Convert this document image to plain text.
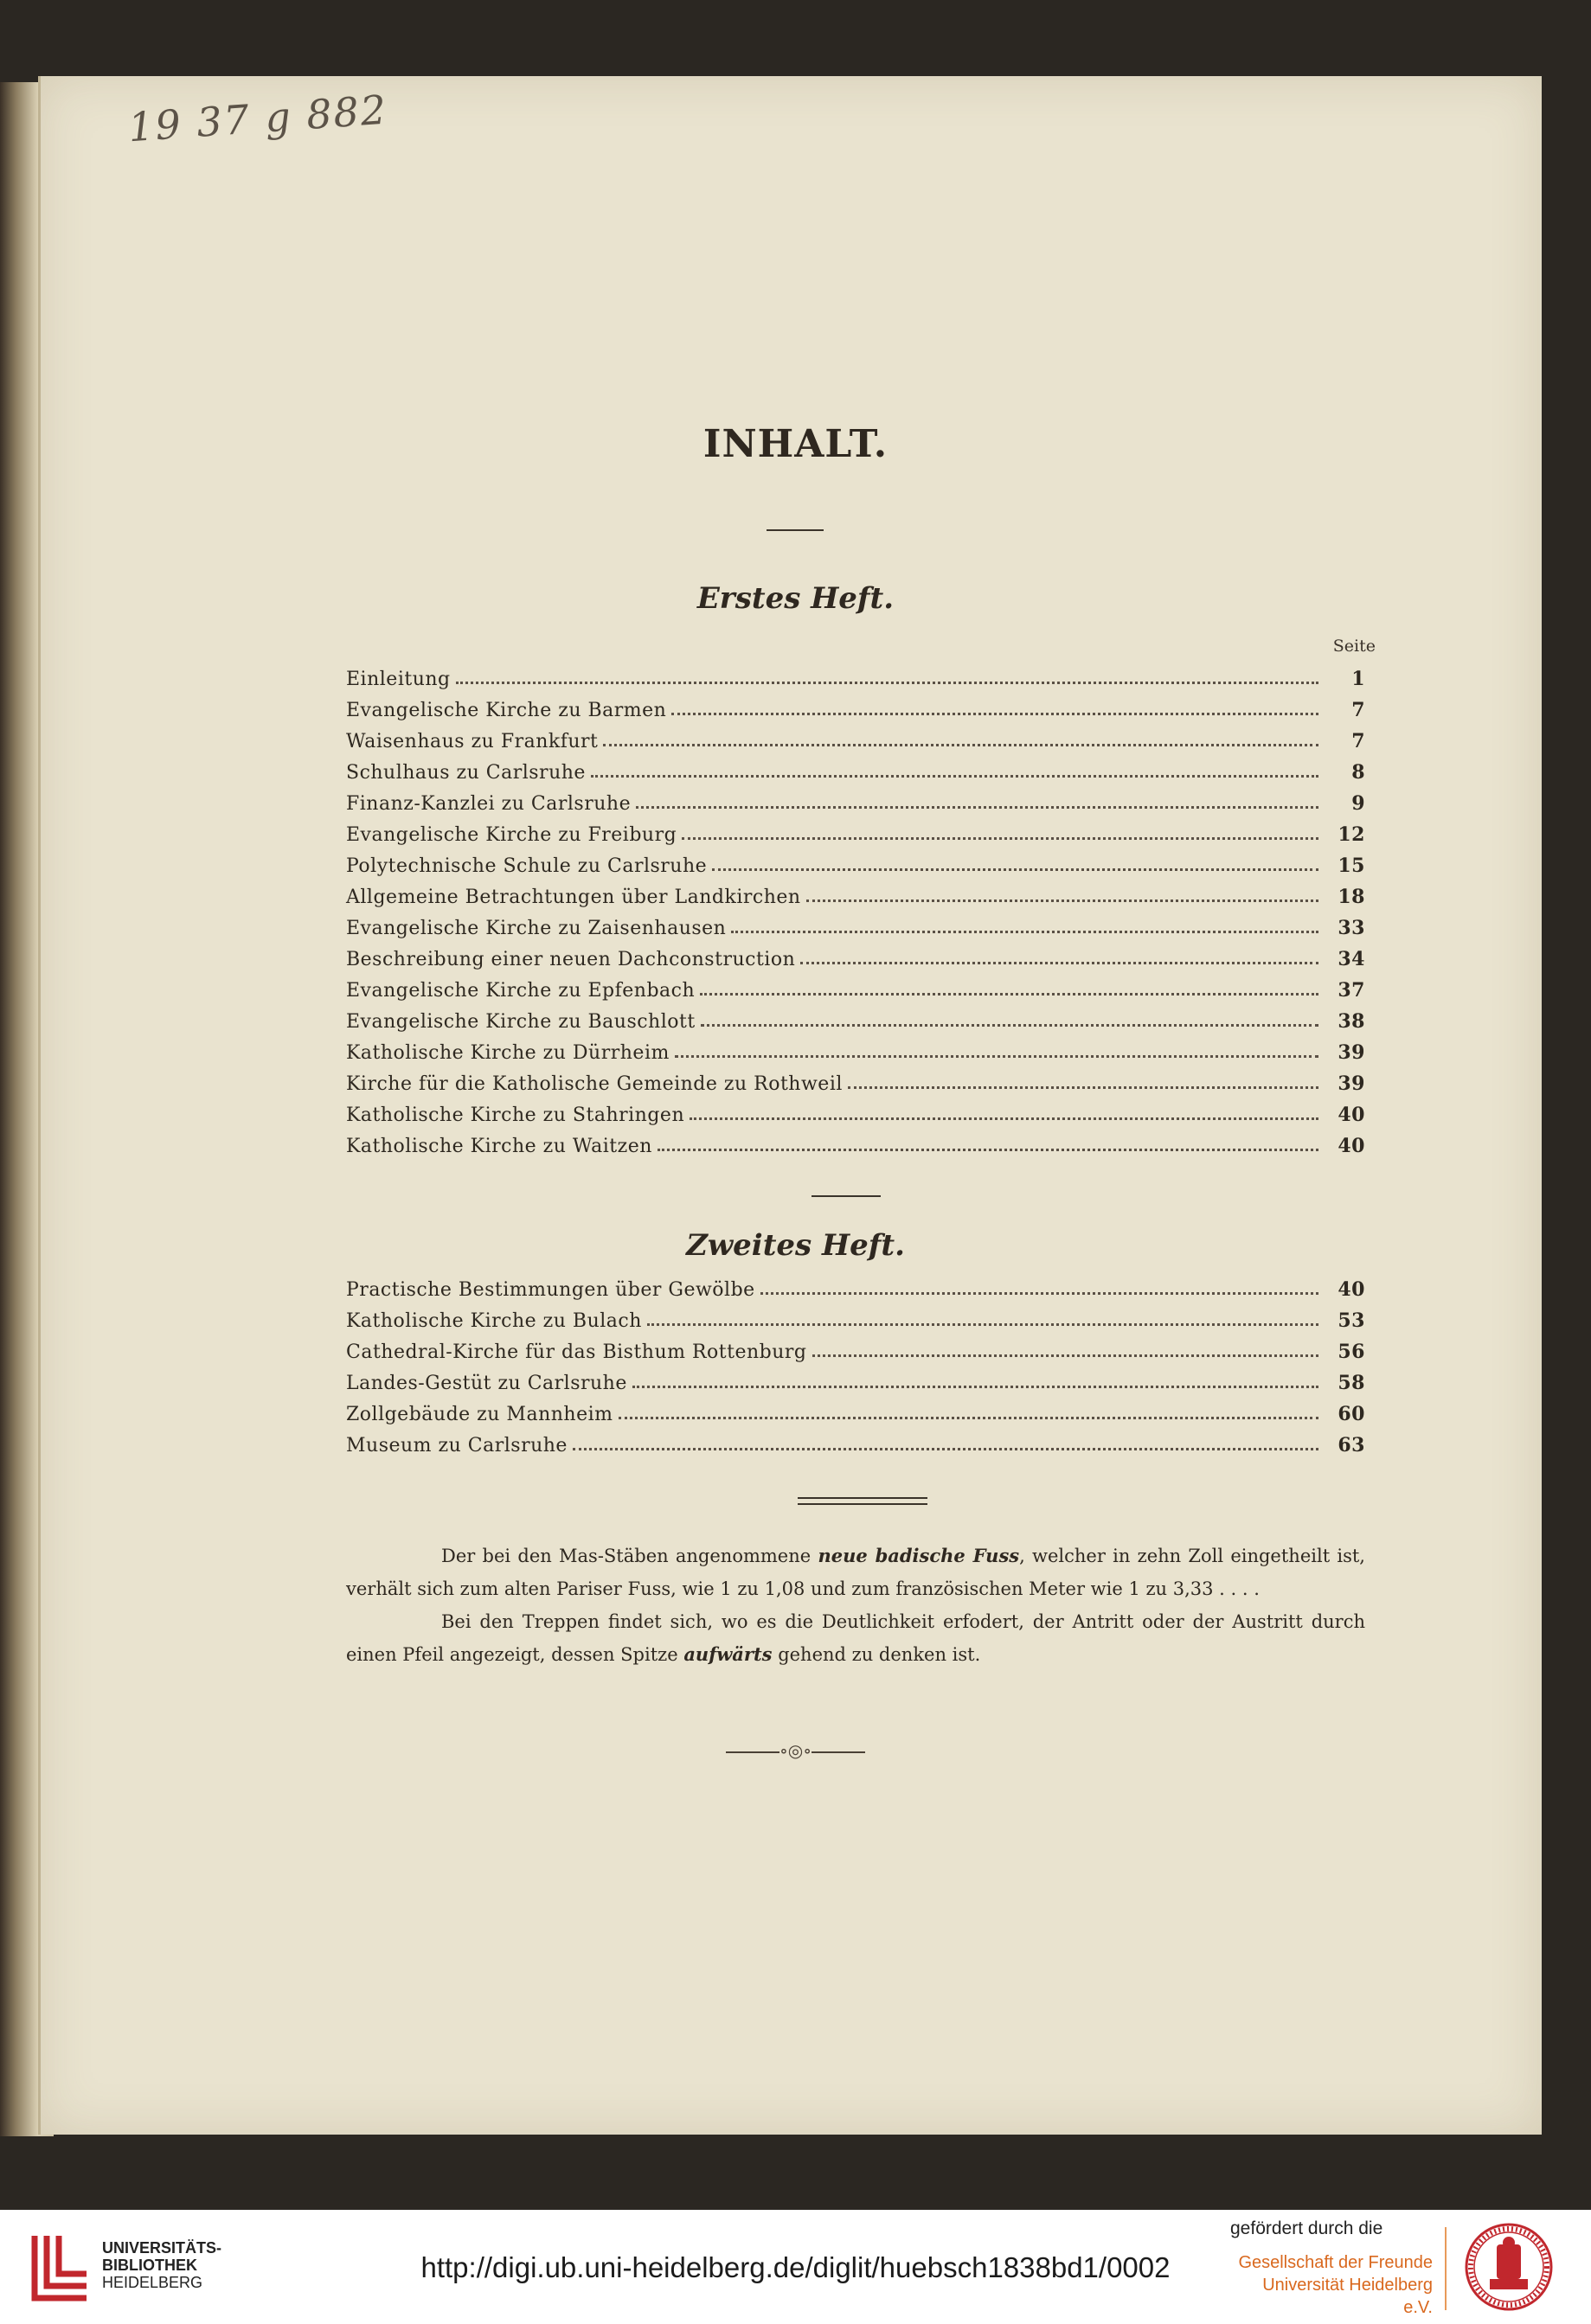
19 37 g 882
INHALT.
Erstes Heft.
Seite
Einleitung	1
Evangelische Kirche zu Barmen	7
Waisenhaus zu Frankfurt	7
Schulhaus zu Carlsruhe	8
Finanz-Kanzlei zu Carlsruhe	9
Evangelische Kirche zu Freiburg	12
Polytechnische Schule zu Carlsruhe	15
Allgemeine Betrachtungen über Landkirchen	18
Evangelische Kirche zu Zaisenhausen	33
Beschreibung einer neuen Dachconstruction	34
Evangelische Kirche zu Epfenbach	37
Evangelische Kirche zu Bauschlott	38
Katholische Kirche zu Dürrheim	39
Kirche für die Katholische Gemeinde zu Rothweil	39
Katholische Kirche zu Stahringen	40
Katholische Kirche zu Waitzen	40
Zweites Heft.
Practische Bestimmungen über Gewölbe	40
Katholische Kirche zu Bulach	53
Cathedral-Kirche für das Bisthum Rottenburg	56
Landes-Gestüt zu Carlsruhe	58
Zollgebäude zu Mannheim	60
Museum zu Carlsruhe	63

Der bei den Mas-Stäben angenommene neue badische Fuss, welcher in zehn Zoll eingetheilt ist, verhält sich zum alten Pariser Fuss, wie 1 zu 1,08 und zum französischen Meter wie 1 zu 3,33 . . . .

Bei den Treppen findet sich, wo es die Deutlichkeit erfodert, der Antritt oder der Austritt durch einen Pfeil angezeigt, dessen Spitze aufwärts gehend zu denken ist.

∘◎∘
UNIVERSITÄTS-
BIBLIOTHEK
HEIDELBERG	http://digi.ub.uni-heidelberg.de/diglit/huebsch1838bd1/0002
gefördert durch die
Gesellschaft der Freunde
Universität Heidelberg e.V.
